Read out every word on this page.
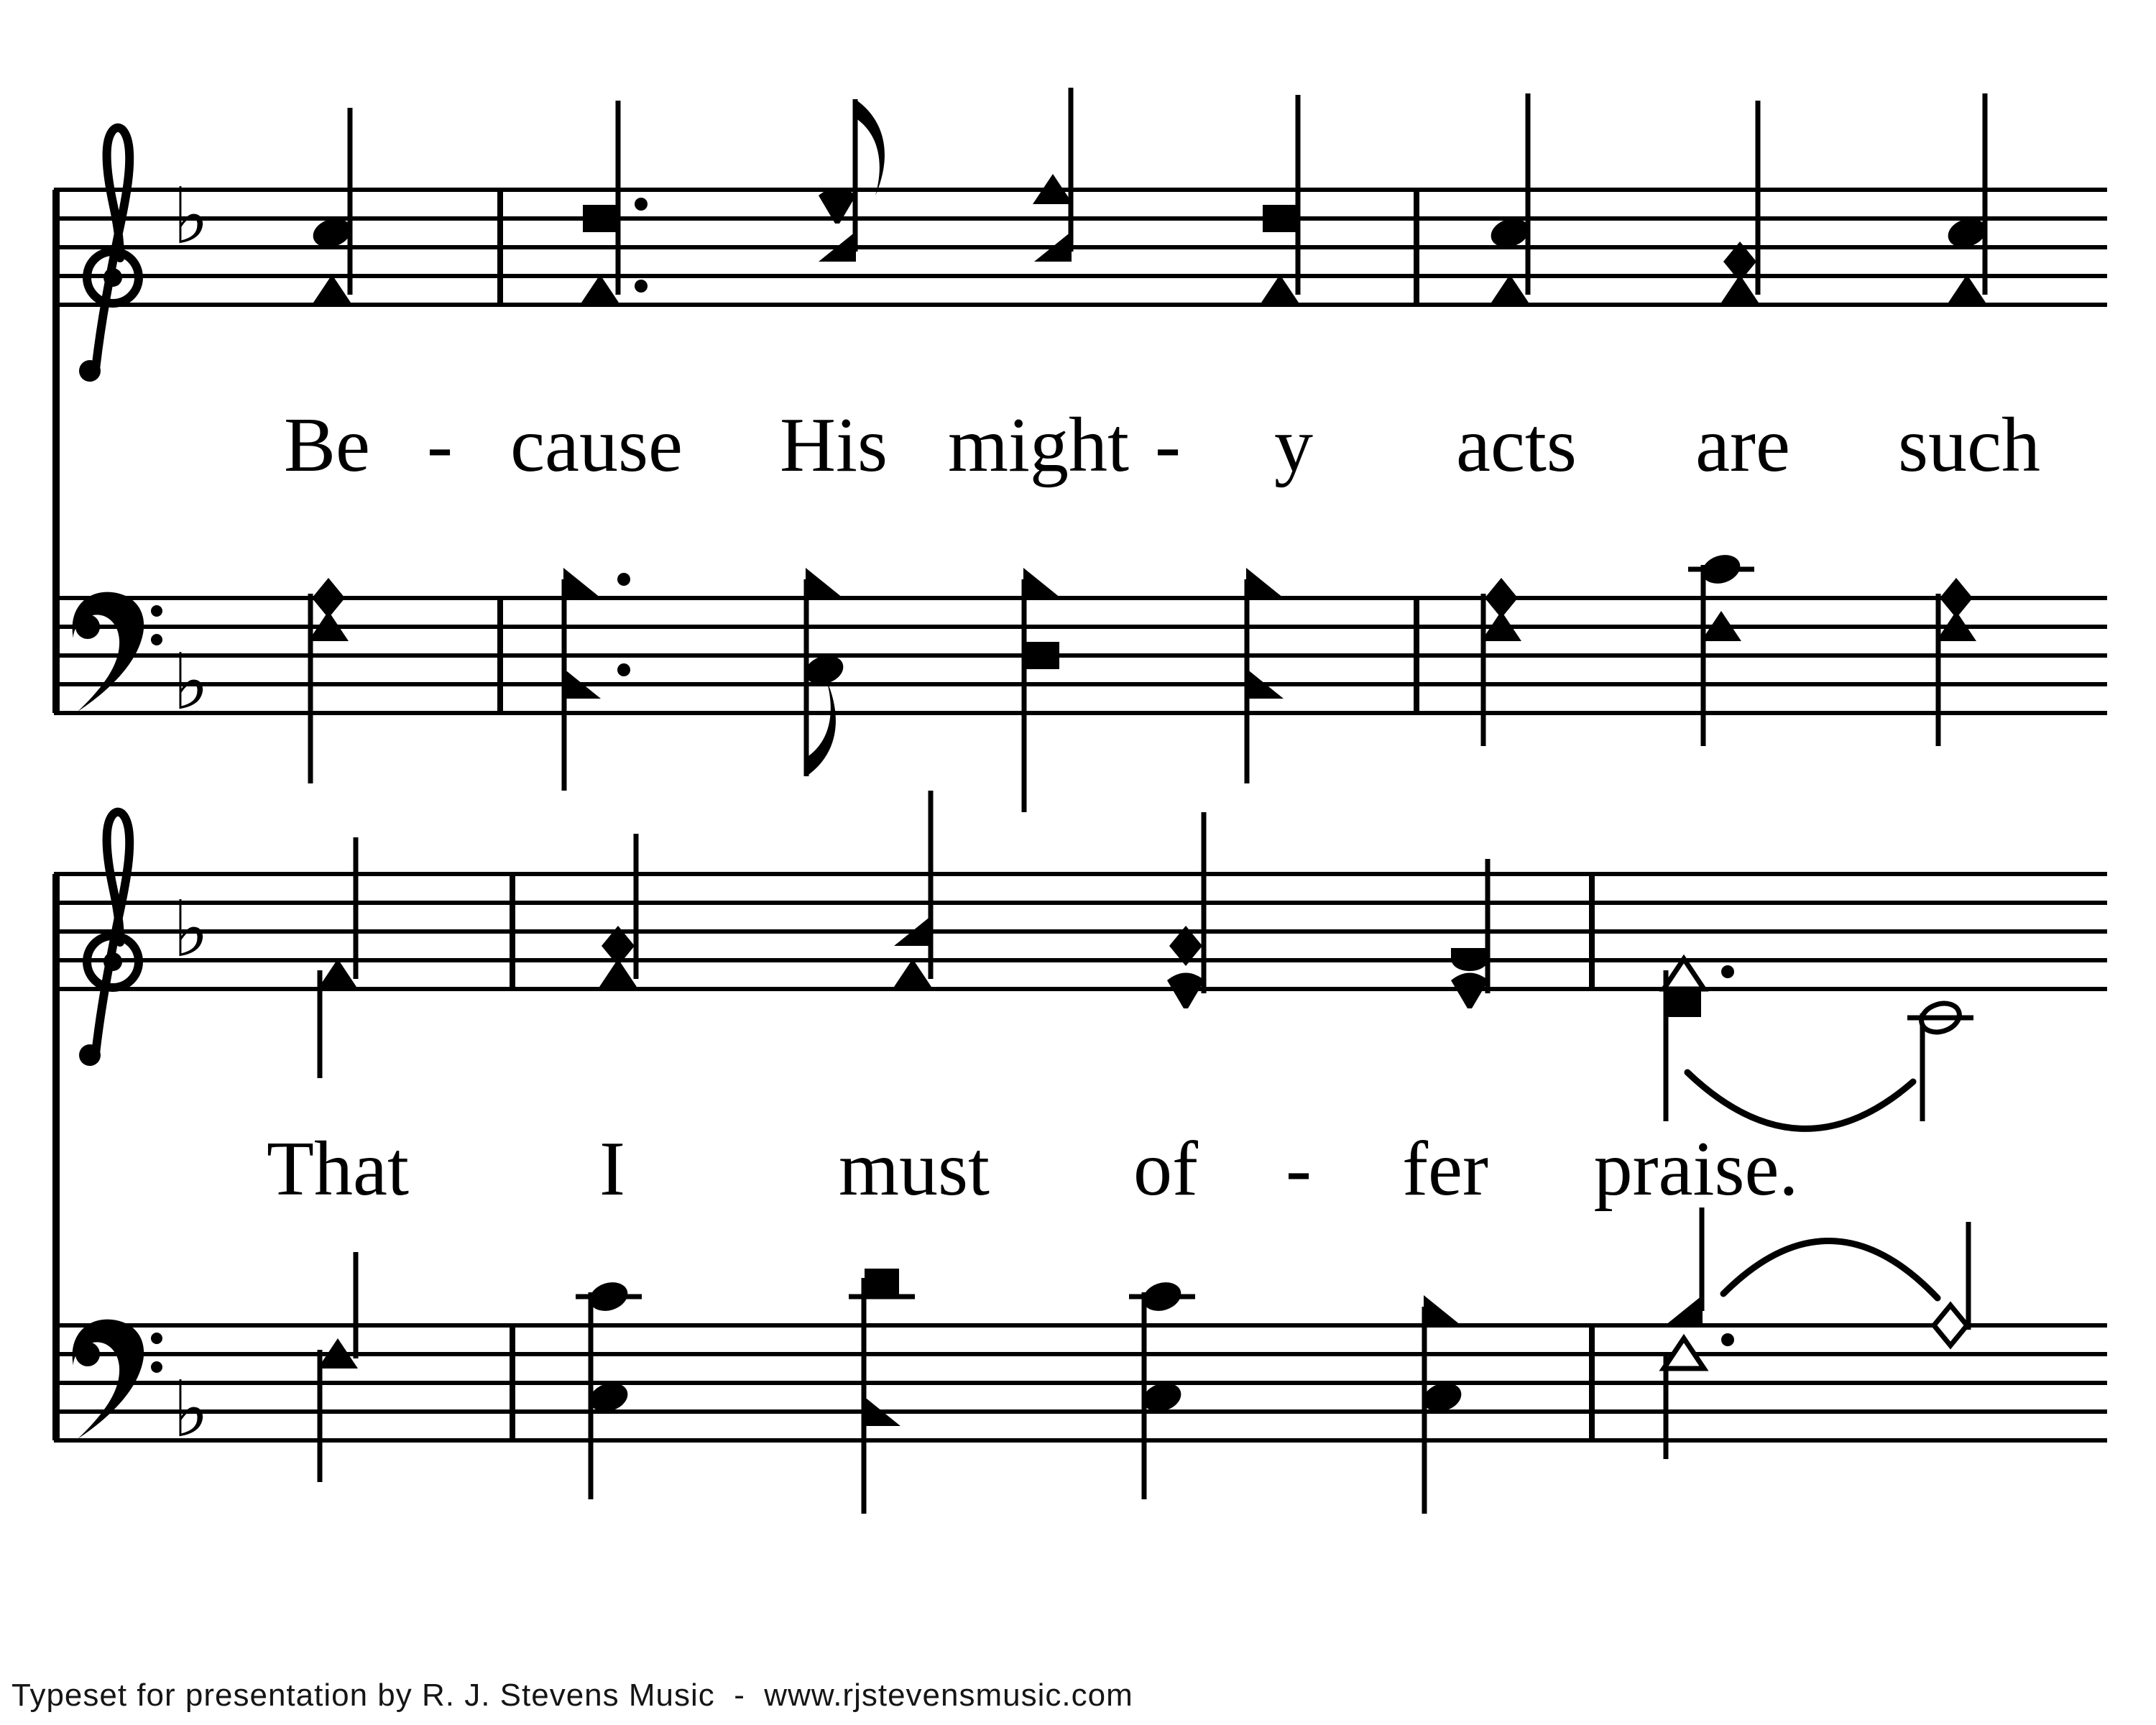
♭
♭
♭
♭
Be - cause His might - y acts are such
That I	must of - fer praise.
Typeset for presentation by R. J. Stevens Music  -  www.rjstevensmusic.com
